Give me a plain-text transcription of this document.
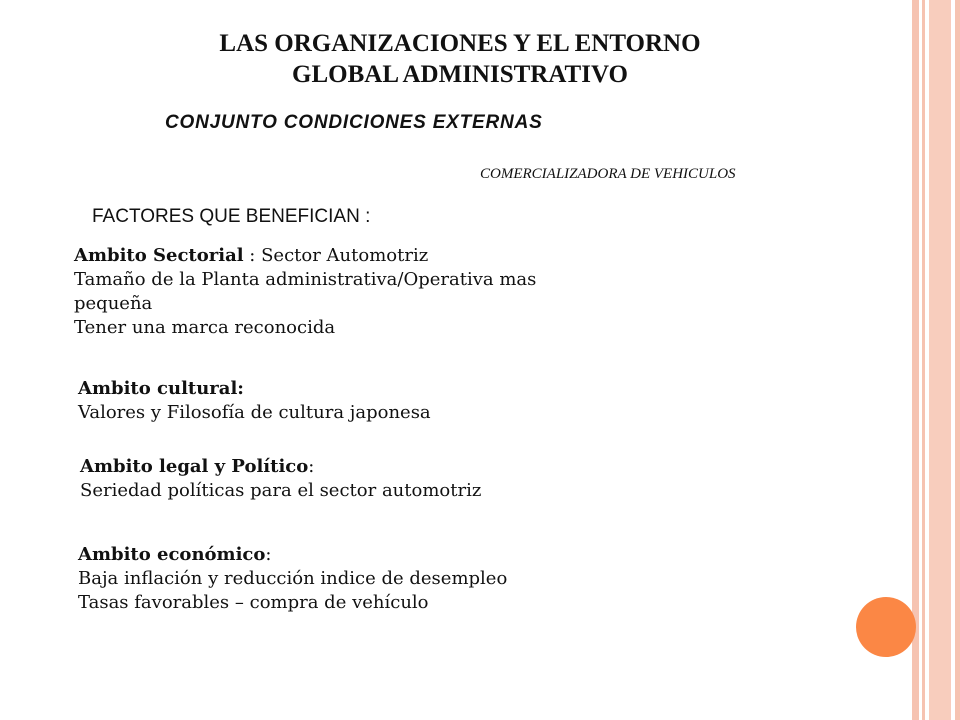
LAS ORGANIZACIONES Y EL ENTORNO
GLOBAL ADMINISTRATIVO
CONJUNTO CONDICIONES EXTERNAS
COMERCIALIZADORA DE VEHICULOS
FACTORES QUE BENEFICIAN :
Ambito Sectorial : Sector Automotriz
Tamaño de la Planta administrativa/Operativa mas
pequeña
Tener una marca reconocida
Ambito cultural:
Valores y Filosofía de cultura japonesa
Ambito legal y Político:
Seriedad políticas para el sector automotriz
Ambito económico:
Baja inflación y reducción indice de desempleo
Tasas favorables – compra de vehículo
